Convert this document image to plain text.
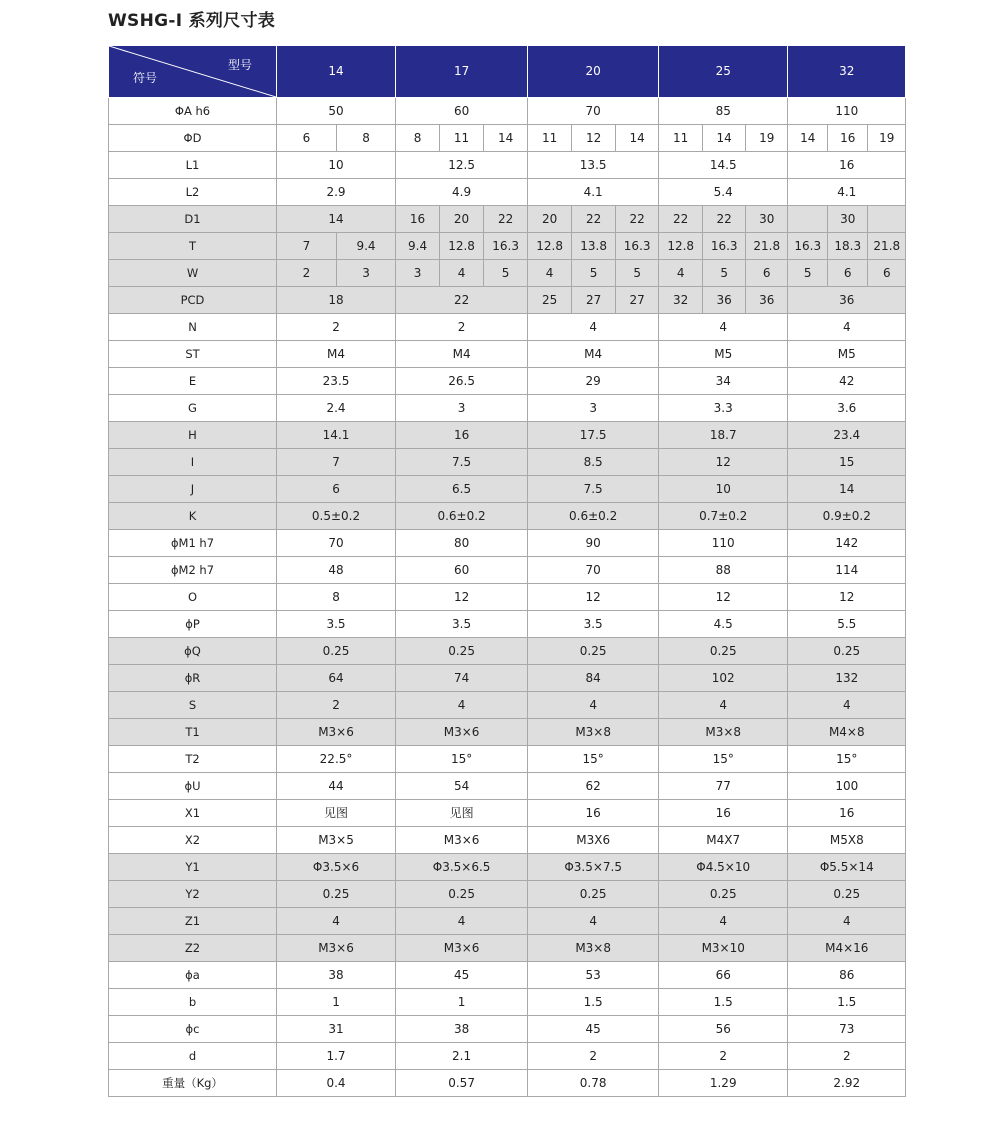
WSHG-I 系列尺寸表
型号
符号	14		17			20			25			32		
ΦA h6	50		60			70			85			110		
ΦD	6	8	8	11	14	11	12	14	11	14	19	14	16	19
L1	10		12.5			13.5			14.5			16		
L2	2.9		4.9			4.1			5.4			4.1		
D1	14		16	20	22	20	22	22	22	22	30		30	
T	7	9.4	9.4	12.8	16.3	12.8	13.8	16.3	12.8	16.3	21.8	16.3	18.3	21.8
W	2	3	3	4	5	4	5	5	4	5	6	5	6	6
PCD	18		22			25	27	27	32	36	36	36		
N	2		2			4			4			4		
ST	M4		M4			M4			M5			M5		
E	23.5		26.5			29			34			42		
G	2.4		3			3			3.3			3.6		
H	14.1		16			17.5			18.7			23.4		
I	7		7.5			8.5			12			15		
J	6		6.5			7.5			10			14		
K	0.5±0.2		0.6±0.2			0.6±0.2			0.7±0.2			0.9±0.2		
ϕM1 h7	70		80			90			110			142		
ϕM2 h7	48		60			70			88			114		
O	8		12			12			12			12		
ϕP	3.5		3.5			3.5			4.5			5.5		
ϕQ	0.25		0.25			0.25			0.25			0.25		
ϕR	64		74			84			102			132		
S	2		4			4			4			4		
T1	M3×6		M3×6			M3×8			M3×8			M4×8		
T2	22.5°		15°			15°			15°			15°		
ϕU	44		54			62			77			100		
X1	见图		见图			16			16			16		
X2	M3×5		M3×6			M3X6			M4X7			M5X8		
Y1	Φ3.5×6		Φ3.5×6.5			Φ3.5×7.5			Φ4.5×10			Φ5.5×14		
Y2	0.25		0.25			0.25			0.25			0.25		
Z1	4		4			4			4			4		
Z2	M3×6		M3×6			M3×8			M3×10			M4×16		
ϕa	38		45			53			66			86		
b	1		1			1.5			1.5			1.5		
ϕc	31		38			45			56			73		
d	1.7		2.1			2			2			2		
重量（Kg）	0.4		0.57			0.78			1.29			2.92		
